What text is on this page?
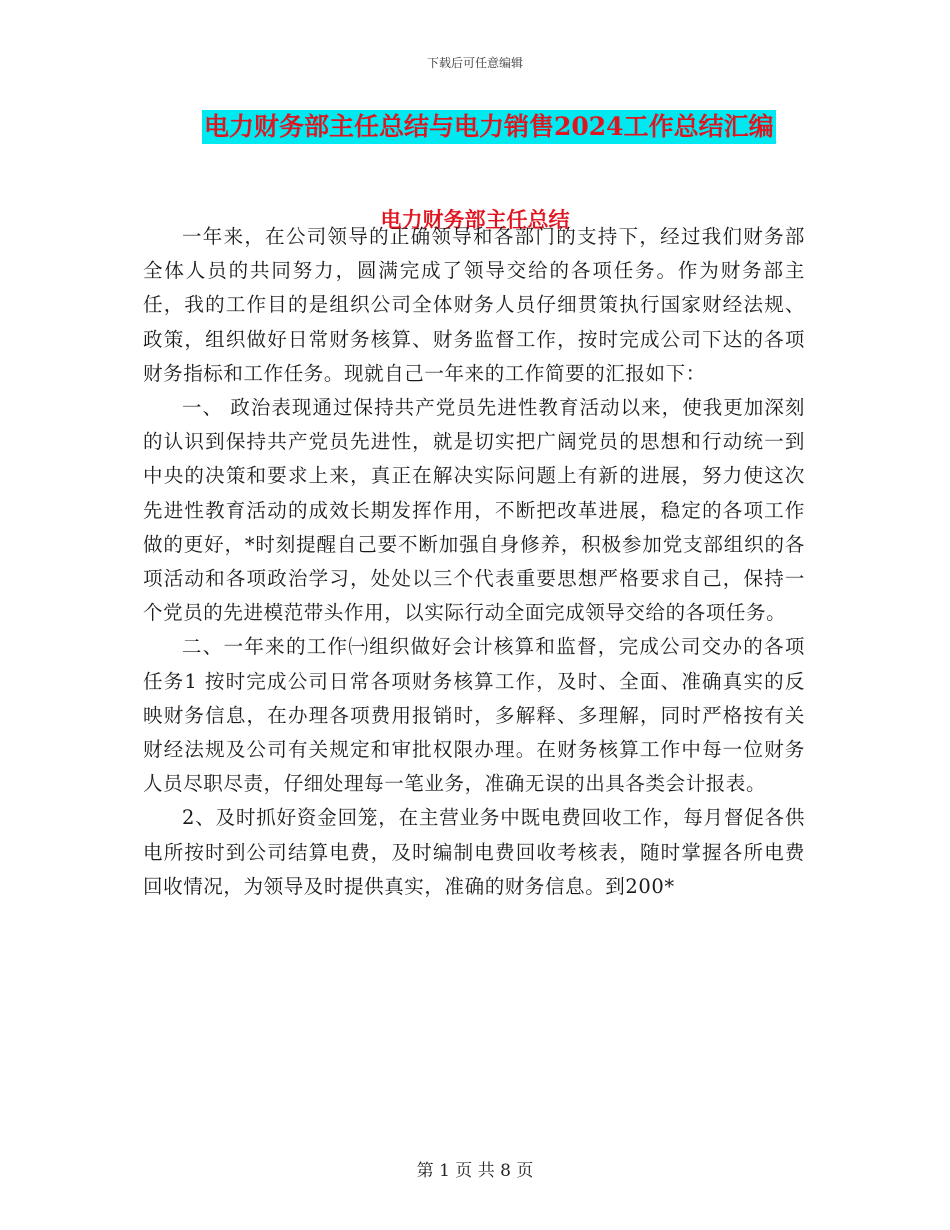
下载后可任意编辑
电力财务部主任总结与电力销售2024工作总结汇编
电力财务部主任总结

一年来，在公司领导的正确领导和各部门的支持下，经过我们财务部全体人员的共同努力，圆满完成了领导交给的各项任务。作为财务部主任，我的工作目的是组织公司全体财务人员仔细贯策执行国家财经法规、政策，组织做好日常财务核算、财务监督工作，按时完成公司下达的各项财务指标和工作任务。现就自己一年来的工作简要的汇报如下：

一、 政治表现通过保持共产党员先进性教育活动以来，使我更加深刻的认识到保持共产党员先进性，就是切实把广阔党员的思想和行动统一到中央的决策和要求上来，真正在解决实际问题上有新的进展，努力使这次先进性教育活动的成效长期发挥作用，不断把改革进展，稳定的各项工作做的更好，*时刻提醒自己要不断加强自身修养，积极参加党支部组织的各项活动和各项政治学习，处处以三个代表重要思想严格要求自己，保持一个党员的先进模范带头作用，以实际行动全面完成领导交给的各项任务。

二、一年来的工作㈠组织做好会计核算和监督，完成公司交办的各项任务1 按时完成公司日常各项财务核算工作，及时、全面、准确真实的反映财务信息，在办理各项费用报销时，多解释、多理解，同时严格按有关财经法规及公司有关规定和审批权限办理。在财务核算工作中每一位财务人员尽职尽责，仔细处理每一笔业务，准确无误的出具各类会计报表。

2、及时抓好资金回笼，在主营业务中既电费回收工作，每月督促各供电所按时到公司结算电费，及时编制电费回收考核表，随时掌握各所电费回收情况，为领导及时提供真实，准确的财务信息。到200*

第 1 页 共 8 页
